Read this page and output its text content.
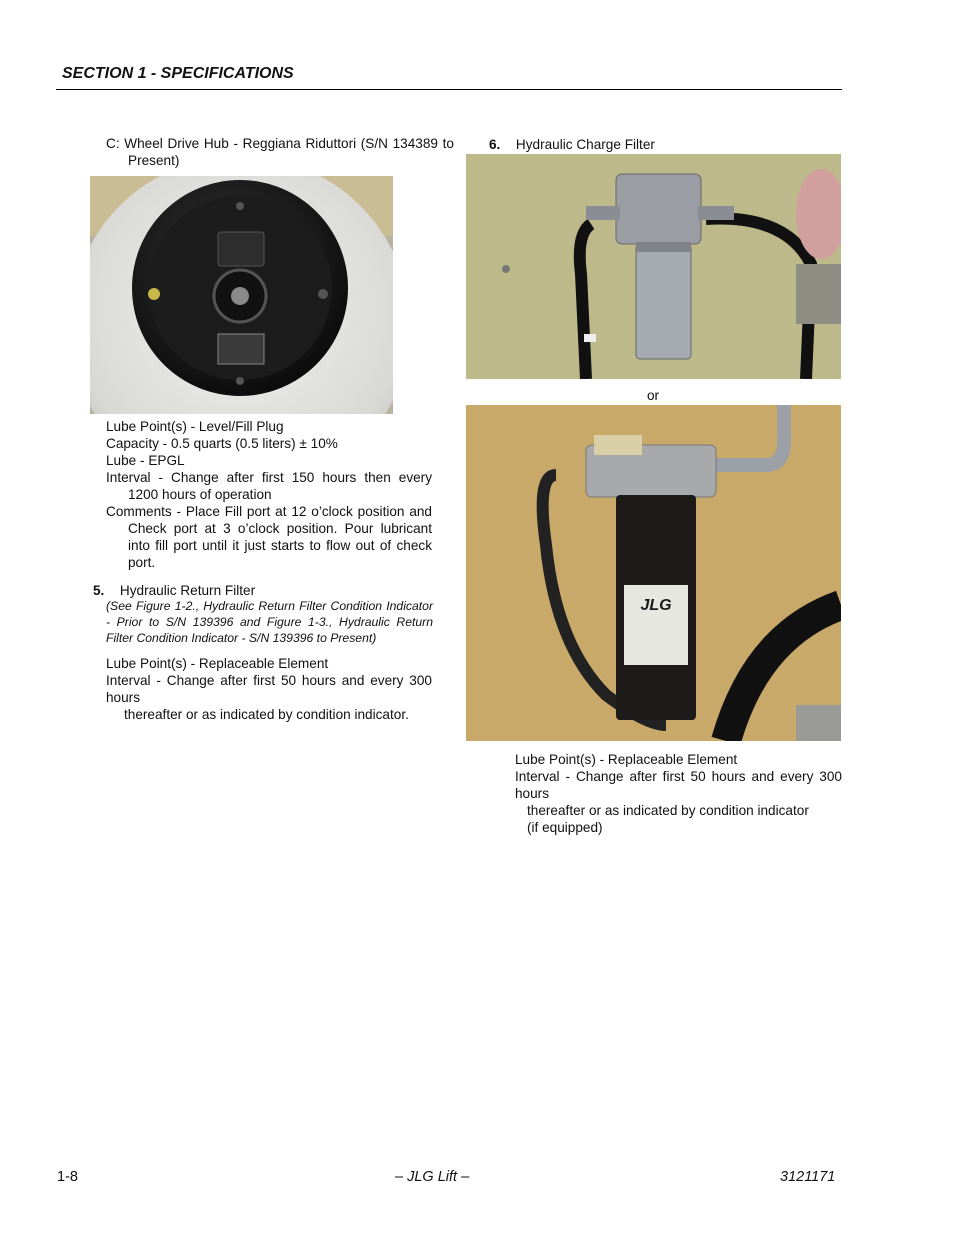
SECTION 1 - SPECIFICATIONS
C: Wheel Drive Hub - Reggiana Riduttori (S/N 134389 to Present)
Lube Point(s) - Level/Fill Plug
Capacity - 0.5 quarts (0.5 liters) ± 10%
Lube - EPGL
Interval - Change after first 150 hours then every 1200 hours of operation
Comments - Place Fill port at 12 o’clock position and Check port at 3 o’clock position. Pour lubricant into fill port until it just starts to flow out of check port.
5. Hydraulic Return Filter
(See Figure 1-2., Hydraulic Return Filter Condition Indicator - Prior to S/N 139396 and Figure 1-3., Hydraulic Return Filter Condition Indicator - S/N 139396 to Present)
Lube Point(s) - Replaceable Element
Interval - Change after first 50 hours and every 300 hours
thereafter or as indicated by condition indicator.
6. Hydraulic Charge Filter
or
JLG
Lube Point(s) - Replaceable Element
Interval - Change after first 50 hours and every 300 hours
thereafter or as indicated by condition indicator
(if equipped)
1-8	– JLG Lift –	3121171
